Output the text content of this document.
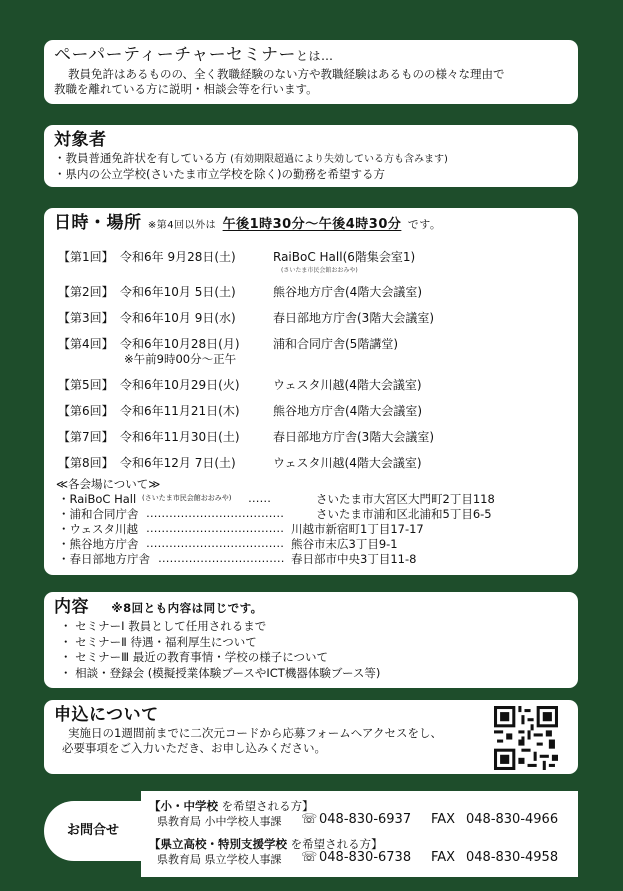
ペーパーティーチャーセミナーとは…
教員免許はあるものの、全く教職経験のない方や教職経験はあるものの様々な理由で
教職を離れている方に説明・相談会等を行います。
対象者
・教員普通免許状を有している方 (有効期限超過により失効している方も含みます)
・県内の公立学校(さいたま市立学校を除く)の勤務を希望する方
日時・場所 ※第4回以外は 午後1時30分～午後4時30分 です。
【第1回】 令和6年 9月28日(土)	RaiBoC Hall(6階集会室1)
(さいたま市民会館おおみや)
【第2回】 令和6年10月 5日(土)	熊谷地方庁舎(4階大会議室)
【第3回】 令和6年10月 9日(水)	春日部地方庁舎(3階大会議室)
【第4回】 令和6年10月28日(月)	浦和合同庁舎(5階講堂)
※午前9時00分～正午
【第5回】 令和6年10月29日(火)	ウェスタ川越(4階大会議室)
【第6回】 令和6年11月21日(木)	熊谷地方庁舎(4階大会議室)
【第7回】 令和6年11月30日(土)	春日部地方庁舎(3階大会議室)
【第8回】 令和6年12月 7日(土)	ウェスタ川越(4階大会議室)
≪各会場について≫
・RaiBoC Hall (さいたま市民会館おおみや) ……	さいたま市大宮区大門町2丁目118
・浦和合同庁舎 ………………………………	さいたま市浦和区北浦和5丁目6-5
・ウェスタ川越 ……………………………… 川越市新宿町1丁目17-17
・熊谷地方庁舎 ……………………………… 熊谷市末広3丁目9-1
・春日部地方庁舎 …………………………… 春日部市中央3丁目11-8
内容 ※8回とも内容は同じです。
・ セミナーⅠ 教員として任用されるまで
・ セミナーⅡ 待遇・福利厚生について
・ セミナーⅢ 最近の教育事情・学校の様子について
・ 相談・登録会 (模擬授業体験ブースやICT機器体験ブース等)
申込について
実施日の1週間前までに二次元コードから応募フォームへアクセスをし、
必要事項をご入力いただき、お申し込みください。
お問合せ
【小・中学校 を希望される方】
県教育局 小中学校人事課 ☏ 048-830-6937 FAX 048-830-4966
【県立高校・特別支援学校 を希望される方】
県教育局 県立学校人事課 ☏ 048-830-6738 FAX 048-830-4958
